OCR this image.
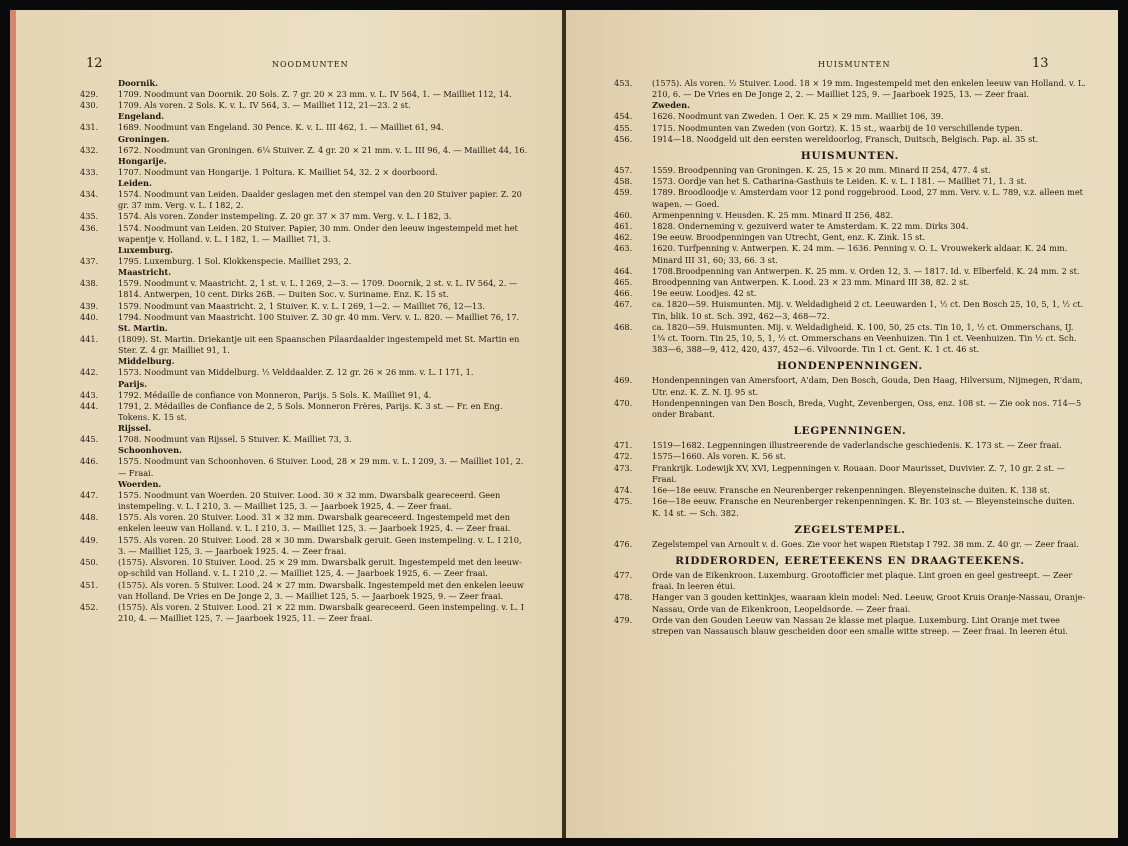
12	NOODMUNTEN
Doornik.
429. 1709. Noodmunt van Doornik. 20 Sols. Z. 7 gr. 20 × 23 mm. v. L. IV 564, 1. — Mailliet 112, 14.
430. 1709. Als voren. 2 Sols. K. v. L. IV 564, 3. — Mailliet 112, 21—23. 2 st.
Engeland.
431. 1689. Noodmunt van Engeland. 30 Pence. K. v. L. III 462, 1. — Mailliet 61, 94.
Groningen.
432. 1672. Noodmunt van Groningen. 6¼ Stuiver. Z. 4 gr. 20 × 21 mm. v. L. III 96, 4. — Mailliet 44, 16.
Hongarije.
433. 1707. Noodmunt van Hongarije. 1 Poltura. K. Mailliet 54, 32. 2 × doorboord.
Leiden.
434. 1574. Noodmunt van Leiden. Daalder geslagen met den stempel van den 20 Stuiver papier. Z. 20 gr. 37 mm. Verg. v. L. I 182, 2.
435. 1574. Als voren. Zonder instempeling. Z. 20 gr. 37 × 37 mm. Verg. v. L. I 182, 3.
436. 1574. Noodmunt van Leiden. 20 Stuiver. Papier, 30 mm. Onder den leeuw ingestempeld met het wapentje v. Holland. v. L. I 182, 1. — Mailliet 71, 3.
Luxemburg.
437. 1795. Luxemburg. 1 Sol. Klokkenspecie. Mailliet 293, 2.
Maastricht.
438. 1579. Noodmunt v. Maastricht. 2, 1 st. v. L. I 269, 2—3. — 1709. Doornik, 2 st. v. L. IV 564, 2. — 1814. Antwerpen, 10 cent. Dirks 26B. — Duiten Soc. v. Suriname. Enz. K. 15 st.
439. 1579. Noodmunt van Maastricht. 2, 1 Stuiver. K. v. L. I 269, 1—2. — Mailliet 76, 12—13.
440. 1794. Noodmunt van Maastricht. 100 Stuiver. Z. 30 gr. 40 mm. Verv. v. L. 820. — Mailliet 76, 17.
St. Martin.
441. (1809). St. Martin. Driekantje uit een Spaanschen Pilaardaalder ingestempeld met St. Martin en Ster. Z. 4 gr. Mailliet 91, 1.
Middelburg.
442. 1573. Noodmunt van Middelburg. ½ Velddaalder. Z. 12 gr. 26 × 26 mm. v. L. I 171, 1.
Parijs.
443. 1792. Médaille de confiance von Monneron, Parijs. 5 Sols. K. Mailliet 91, 4.
444. 1791, 2. Médailles de Confiance de 2, 5 Sols. Monneron Frères, Parijs. K. 3 st. — Fr. en Eng. Tokens. K. 15 st.
Rijssel.
445. 1708. Noodmunt van Rijssel. 5 Stuiver. K. Mailliet 73, 3.
Schoonhoven.
446. 1575. Noodmunt van Schoonhoven. 6 Stuiver. Lood, 28 × 29 mm. v. L. I 209, 3. — Mailliet 101, 2. — Fraai.
Woerden.
447. 1575. Noodmunt van Woerden. 20 Stuiver. Lood. 30 × 32 mm. Dwarsbalk geareceerd. Geen instempeling. v. L. I 210, 3. — Mailliet 125, 3. — Jaarboek 1925, 4. — Zeer fraai.
448. 1575. Als voren. 20 Stuiver. Lood. 31 × 32 mm. Dwarsbalk geareceerd. Ingestempeld met den enkelen leeuw van Holland. v. L. I 210, 3. — Mailliet 125, 3. — Jaarboek 1925, 4. — Zeer fraai.
449. 1575. Als voren. 20 Stuiver. Lood. 28 × 30 mm. Dwarsbalk geruit. Geen instempeling. v. L. I 210, 3. — Mailliet 125, 3. — Jaarboek 1925. 4. — Zeer fraai.
450. (1575). Alsvoren. 10 Stuiver. Lood. 25 × 29 mm. Dwarsbalk geruit. Ingestempeld met den leeuw-op-schild van Holland. v. L. I 210 ,2. — Mailliet 125, 4. — Jaarboek 1925, 6. — Zeer fraai.
451. (1575). Als voren. 5 Stuiver. Lood. 24 × 27 mm. Dwarsbalk. Ingestempeld met den enkelen leeuw van Holland. De Vries en De Jonge 2, 3. — Mailliet 125, 5. — Jaarboek 1925, 9. — Zeer fraai.
452. (1575). Als voren. 2 Stuiver. Lood. 21 × 22 mm. Dwarsbalk geareceerd. Geen instempeling. v. L. I 210, 4. — Mailliet 125, 7. — Jaarboek 1925, 11. — Zeer fraai.
HUISMUNTEN	13
453. (1575). Als voren. ½ Stuiver. Lood. 18 × 19 mm. Ingestempeld met den enkelen leeuw van Holland. v. L. 210, 6. — De Vries en De Jonge 2, 2. — Mailliet 125, 9. — Jaarboek 1925, 13. — Zeer fraai.
Zweden.
454. 1626. Noodmunt van Zweden. 1 Oer. K. 25 × 29 mm. Mailliet 106, 39.
455. 1715. Noodmunten van Zweden (von Gortz). K. 15 st., waarbij de 10 verschillende typen.
456. 1914—18. Noodgeld uit den eersten wereldoorlog, Fransch, Duitsch, Belgisch. Pap. al. 35 st.
HUISMUNTEN.
457. 1559. Broodpenning van Groningen. K. 25, 15 × 20 mm. Minard II 254, 477. 4 st.
458. 1573. Oordje van het S. Catharina-Gasthuis te Leiden. K. v. L. I 181. — Mailliet 71, 1. 3 st.
459. 1789. Broodloodje v. Amsterdam voor 12 pond roggebrood. Lood, 27 mm. Verv. v. L. 789, v.z. alleen met wapen. — Goed.
460. Armenpenning v. Heusden. K. 25 mm. Minard II 256, 482.
461. 1828. Onderneming v. gezuiverd water te Amsterdam. K. 22 mm. Dirks 304.
462. 19e eeuw. Broodpenningen van Utrecht, Gent, enz. K. Zink. 15 st.
463. 1620. Turfpenning v. Antwerpen. K. 24 mm. — 1636. Penning v. O. L. Vrouwekerk aldaar. K. 24 mm. Minard III 31, 60; 33, 66. 3 st.
464. 1708.Broodpenning van Antwerpen. K. 25 mm. v. Orden 12, 3. — 1817. Id. v. Elberfeld. K. 24 mm. 2 st.
465. Broodpenning van Antwerpen. K. Lood. 23 × 23 mm. Minard III 38, 82. 2 st.
466. 19e eeuw. Loodjes. 42 st.
467. ca. 1820—59. Huismunten. Mij. v. Weldadigheid 2 ct. Leeuwarden 1, ½ ct. Den Bosch 25, 10, 5, 1, ½ ct. Tin, blik. 10 st. Sch. 392, 462—3, 468—72.
468. ca. 1820—59. Huismunten. Mij. v. Weldadigheid. K. 100, 50, 25 cts. Tin 10, 1, ½ ct. Ommerschans, IJ. 1¼ ct. Toorn. Tin 25, 10, 5, 1, ½ ct. Ommerschans en Veenhuizen. Tin 1 ct. Veenhuizen. Tin ½ ct. Sch. 383—6, 388—9, 412, 420, 437, 452—6. Vilvoorde. Tin 1 ct. Gent. K. 1 ct. 46 st.
HONDENPENNINGEN.
469. Hondenpenningen van Amersfoort, A'dam, Den Bosch, Gouda, Den Haag, Hilversum, Nijmegen, R'dam, Utr. enz. K. Z. N. IJ. 95 st.
470. Hondenpenningen van Den Bosch, Breda, Vught, Zevenbergen, Oss, enz. 108 st. — Zie ook nos. 714—5 onder Brabant.
LEGPENNINGEN.
471. 1519—1682. Legpenningen illustreerende de vaderlandsche geschiedenis. K. 173 st. — Zeer fraai.
472. 1575—1660. Als voren. K. 56 st.
473. Frankrijk. Lodewijk XV, XVI, Legpenningen v. Rouaan. Door Maurisset, Duvivier. Z. 7, 10 gr. 2 st. — Fraai.
474. 16e—18e eeuw. Fransche en Neurenberger rekenpenningen. Bleyensteinsche duiten. K. 138 st.
475. 16e—18e eeuw. Fransche en Neurenberger rekenpenningen. K. Br. 103 st. — Bleyensteinsche duiten. K. 14 st. — Sch. 382.
ZEGELSTEMPEL.
476. Zegelstempel van Arnoult v. d. Goes. Zie voor het wapen Rietstap I 792. 38 mm. Z. 40 gr. — Zeer fraai.
RIDDERORDEN, EERETEEKENS EN DRAAGTEEKENS.
477. Orde van de Eikenkroon. Luxemburg. Grootofficier met plaque. Lint groen en geel gestreept. — Zeer fraai. In leeren étui.
478. Hanger van 3 gouden kettinkjes, waaraan klein model: Ned. Leeuw, Groot Kruis Oranje-Nassau, Oranje-Nassau, Orde van de Eikenkroon, Leopeldsorde. — Zeer fraai.
479. Orde van den Gouden Leeuw van Nassau 2e klasse met plaque. Luxemburg. Lint Oranje met twee strepen van Nassausch blauw gescheiden door een smalle witte streep. — Zeer fraai. In leeren étui.
